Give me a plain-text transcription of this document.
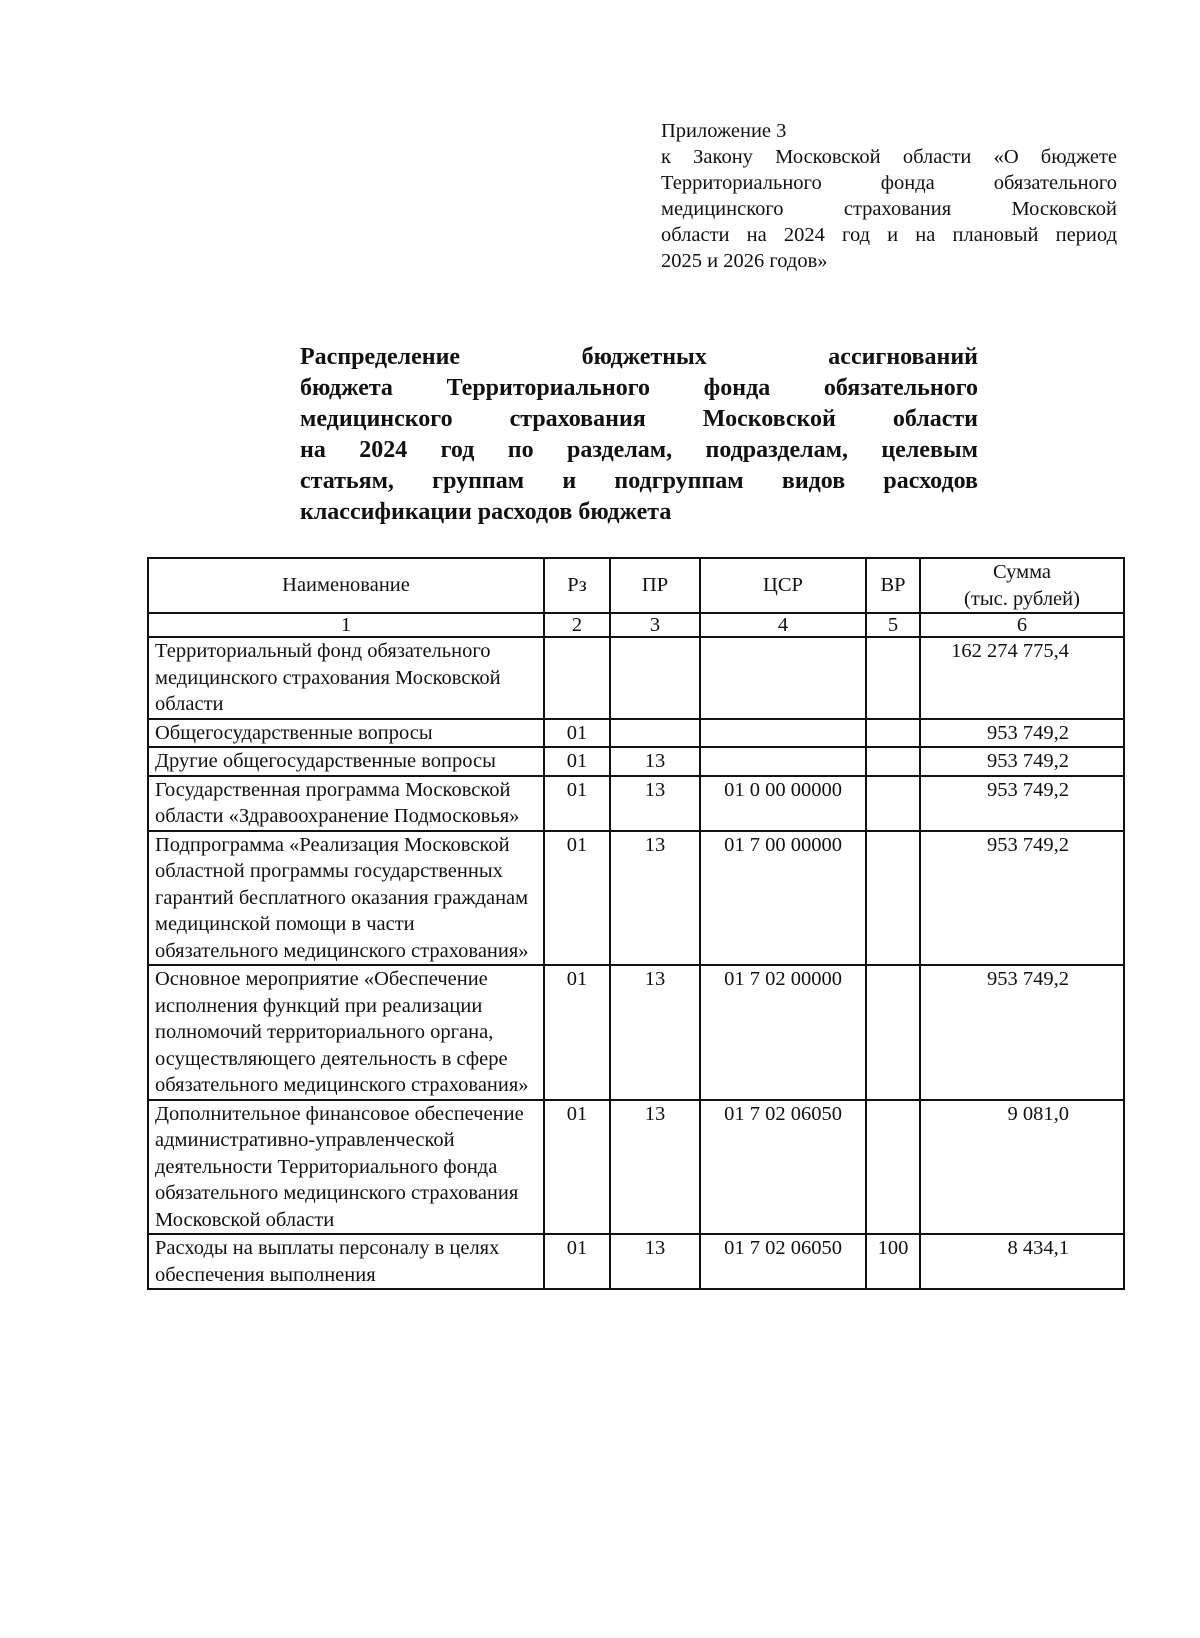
Приложение 3
к Закону Московской области «О бюджете
Территориального фонда обязательного
медицинского страхования Московской
области на 2024 год и на плановый период
2025 и 2026 годов»
Распределение бюджетных ассигнований
бюджета Территориального фонда обязательного
медицинского страхования Московской области
на 2024 год по разделам, подразделам, целевым
статьям, группам и подгруппам видов расходов
классификации расходов бюджета
Наименование	Рз	ПР	ЦСР	ВР	Сумма
(тыс. рублей)
1	2	3	4	5	6
Территориальный фонд обязательного медицинского страхования Московской области					162 274 775,4
Общегосударственные вопросы	01				953 749,2
Другие общегосударственные вопросы	01	13			953 749,2
Государственная программа Московской области «Здравоохранение Подмосковья»	01	13	01 0 00 00000		953 749,2
Подпрограмма «Реализация Московской областной программы государственных гарантий бесплатного оказания гражданам медицинской помощи в части обязательного медицинского страхования»	01	13	01 7 00 00000		953 749,2
Основное мероприятие «Обеспечение исполнения функций при реализации полномочий территориального органа, осуществляющего деятельность в сфере обязательного медицинского страхования»	01	13	01 7 02 00000		953 749,2
Дополнительное финансовое обеспечение административно-управленческой деятельности Территориального фонда обязательного медицинского страхования Московской области	01	13	01 7 02 06050		9 081,0
Расходы на выплаты персоналу в целях обеспечения выполнения	01	13	01 7 02 06050	100	8 434,1
